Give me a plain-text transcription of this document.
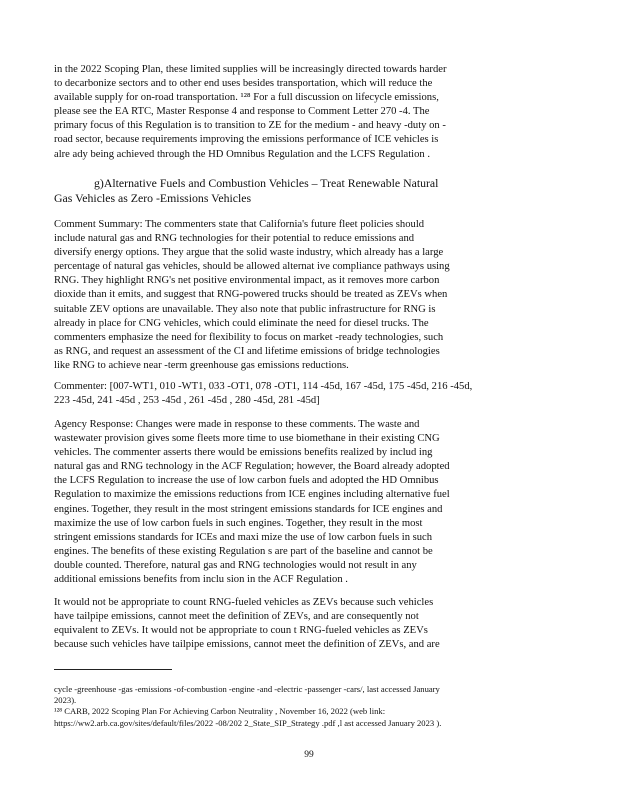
in the 2022 Scoping Plan, these limited supplies will be increasingly directed towards harder
to decarbonize sectors and to other end uses besides transportation, which will reduce the
available supply for on-road transportation. ¹²⁸ For a full discussion on lifecycle emissions,
please see the EA RTC, Master Response 4 and response to Comment Letter 270 -4. The
primary focus of this Regulation is to transition to ZE for the medium - and heavy -duty on -
road sector, because requirements improving the emissions performance of ICE vehicles is
alre ady being achieved through the HD Omnibus Regulation and the LCFS Regulation .
g)Alternative Fuels and Combustion Vehicles – Treat Renewable Natural
Gas Vehicles as Zero -Emissions Vehicles
Comment Summary: The commenters state that California's future fleet policies should
include natural gas and RNG technologies for their potential to reduce emissions and
diversify energy options. They argue that the solid waste industry, which already has a large
percentage of natural gas vehicles, should be allowed alternat ive compliance pathways using
RNG. They highlight RNG's net positive environmental impact, as it removes more carbon
dioxide than it emits, and suggest that RNG-powered trucks should be treated as ZEVs when
suitable ZEV options are unavailable. They also note that public infrastructure for RNG is
already in place for CNG vehicles, which could eliminate the need for diesel trucks. The
commenters emphasize the need for flexibility to focus on market -ready technologies, such
as RNG, and request an assessment of the CI and lifetime emissions of bridge technologies
like RNG to achieve near -term greenhouse gas emissions reductions.
Commenter: [007-WT1, 010 -WT1, 033 -OT1, 078 -OT1, 114 -45d, 167 -45d, 175 -45d, 216 -45d,
223 -45d, 241 -45d , 253 -45d , 261 -45d , 280 -45d, 281 -45d]
Agency Response: Changes were made in response to these comments. The waste and
wastewater provision gives some fleets more time to use biomethane in their existing CNG
vehicles. The commenter asserts there would be emissions benefits realized by includ ing
natural gas and RNG technology in the ACF Regulation; however, the Board already adopted
the LCFS Regulation to increase the use of low carbon fuels and adopted the HD Omnibus
Regulation to maximize the emissions reductions from ICE engines including alternative fuel
engines. Together, they result in the most stringent emissions standards for ICE engines and
maximize the use of low carbon fuels in such engines. Together, they result in the most
stringent emissions standards for ICEs and maxi mize the use of low carbon fuels in such
engines. The benefits of these existing Regulation s are part of the baseline and cannot be
double counted. Therefore, natural gas and RNG technologies would not result in any
additional emissions benefits from inclu sion in the ACF Regulation .
It would not be appropriate to count RNG-fueled vehicles as ZEVs because such vehicles
have tailpipe emissions, cannot meet the definition of ZEVs, and are consequently not
equivalent to ZEVs. It would not be appropriate to coun t RNG-fueled vehicles as ZEVs
because such vehicles have tailpipe emissions, cannot meet the definition of ZEVs, and are
cycle -greenhouse -gas -emissions -of-combustion -engine -and -electric -passenger -cars/, last accessed January
2023).
¹²⁸ CARB, 2022 Scoping Plan For Achieving Carbon Neutrality , November 16, 2022 (web link:
https://ww2.arb.ca.gov/sites/default/files/2022 -08/202 2_State_SIP_Strategy .pdf ,l ast accessed January 2023 ).
99
